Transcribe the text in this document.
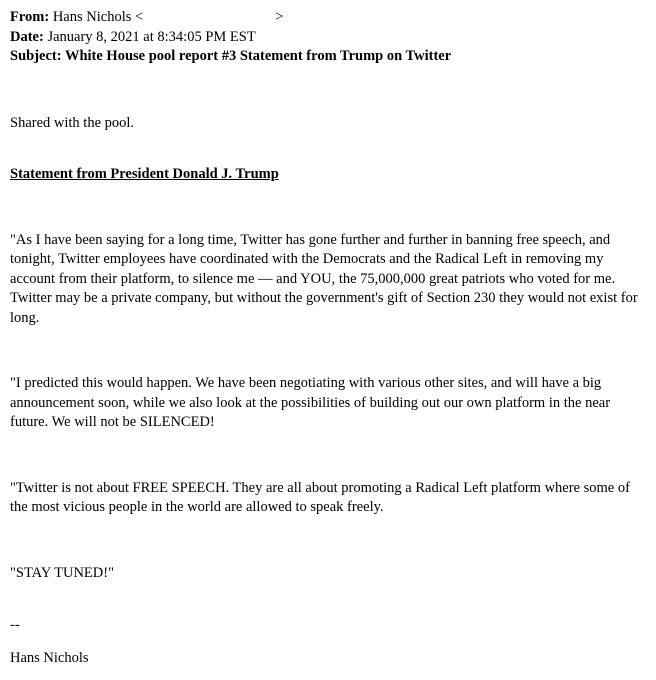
From: Hans Nichols <	>
Date: January 8, 2021 at 8:34:05 PM EST
Subject: White House pool report #3 Statement from Trump on Twitter

Shared with the pool.

Statement from President Donald J. Trump

"As I have been saying for a long time, Twitter has gone further and further in banning free speech, and tonight, Twitter employees have coordinated with the Democrats and the Radical Left in removing my account from their platform, to silence me — and YOU, the 75,000,000 great patriots who voted for me. Twitter may be a private company, but without the government's gift of Section 230 they would not exist for long.

"I predicted this would happen. We have been negotiating with various other sites, and will have a big announcement soon, while we also look at the possibilities of building out our own platform in the near future. We will not be SILENCED!

"Twitter is not about FREE SPEECH. They are all about promoting a Radical Left platform where some of the most vicious people in the world are allowed to speak freely.

"STAY TUNED!"

--

Hans Nichols
